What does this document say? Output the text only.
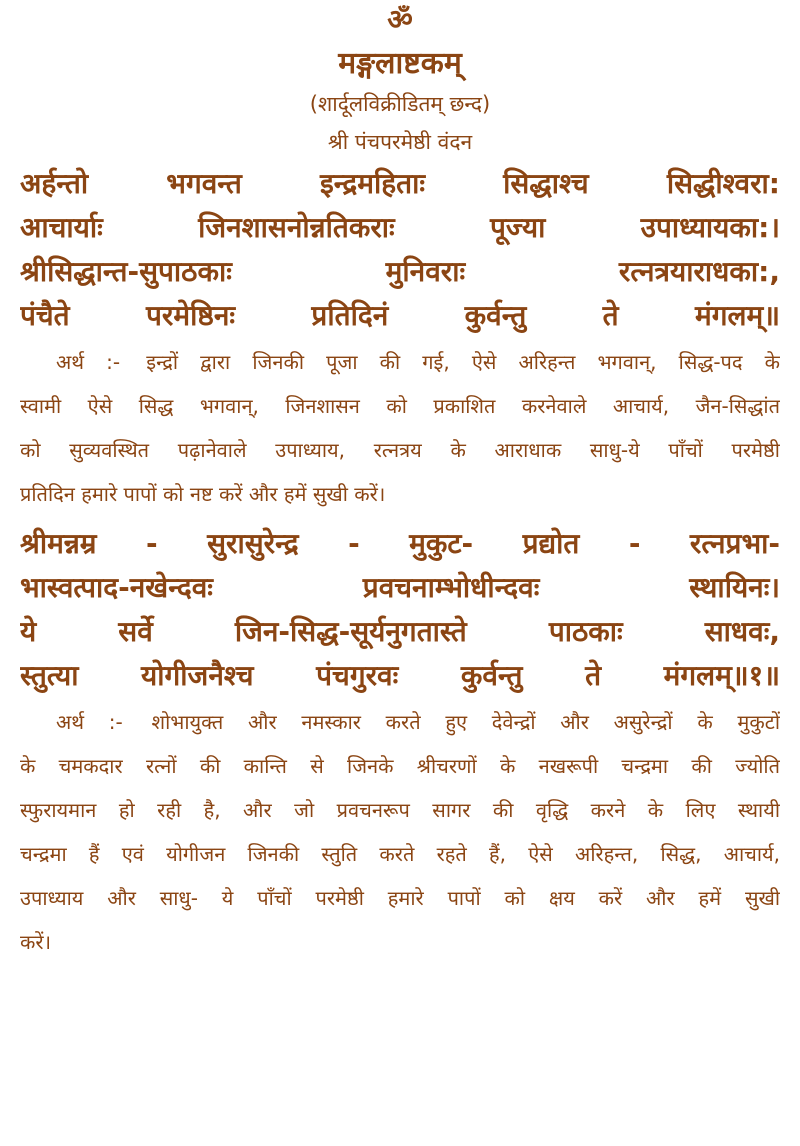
ॐ
मङ्गलाष्टकम्
(शार्दूलविक्रीडितम् छन्द)
श्री पंचपरमेष्ठी वंदन
अर्हन्तो भगवन्त इन्द्रमहिताः सिद्धाश्च सिद्धीश्वरा:
आचार्याः जिनशासनोन्नतिकराः पूज्या उपाध्यायका:।
श्रीसिद्धान्त-सुपाठकाः मुनिवराः रत्नत्रयाराधका:,
पंचैते परमेष्ठिनः प्रतिदिनं कुर्वन्तु ते मंगलम्॥
अर्थ :- इन्द्रों द्वारा जिनकी पूजा की गई, ऐसे अरिहन्त भगवान्, सिद्ध-पद के
स्वामी ऐसे सिद्ध भगवान्, जिनशासन को प्रकाशित करनेवाले आचार्य, जैन-सिद्धांत
को सुव्यवस्थित पढ़ानेवाले उपाध्याय, रत्नत्रय के आराधाक साधु-ये पाँचों परमेष्ठी
प्रतिदिन हमारे पापों को नष्ट करें और हमें सुखी करें।
श्रीमन्नम्र - सुरासुरेन्द्र - मुकुट- प्रद्योत - रत्नप्रभा-
भास्वत्पाद-नखेन्दवः प्रवचनाम्भोधीन्दवः स्थायिनः।
ये सर्वे जिन-सिद्ध-सूर्यनुगतास्ते पाठकाः साधवः,
स्तुत्या योगीजनैश्च पंचगुरवः कुर्वन्तु ते मंगलम्॥१॥
अर्थ :- शोभायुक्त और नमस्कार करते हुए देवेन्द्रों और असुरेन्द्रों के मुकुटों
के चमकदार रत्नों की कान्ति से जिनके श्रीचरणों के नखरूपी चन्द्रमा की ज्योति
स्फुरायमान हो रही है, और जो प्रवचनरूप सागर की वृद्धि करने के लिए स्थायी
चन्द्रमा हैं एवं योगीजन जिनकी स्तुति करते रहते हैं, ऐसे अरिहन्त, सिद्ध, आचार्य,
उपाध्याय और साधु- ये पाँचों परमेष्ठी हमारे पापों को क्षय करें और हमें सुखी
करें।
